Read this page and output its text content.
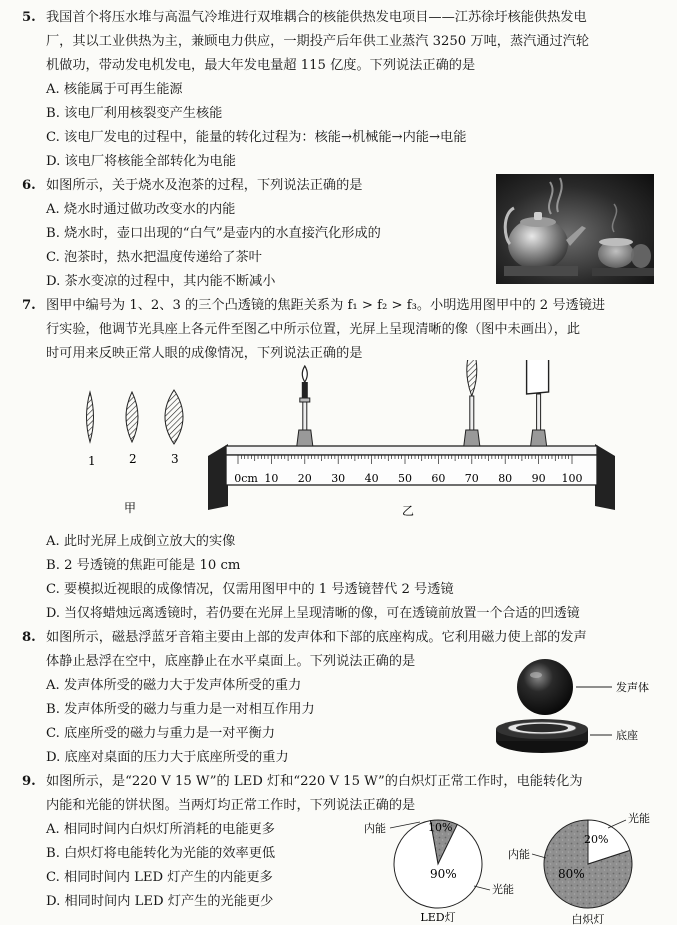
5. 我国首个将压水堆与高温气冷堆进行双堆耦合的核能供热发电项目——江苏徐圩核能供热发电
厂，其以工业供热为主，兼顾电力供应，一期投产后年供工业蒸汽 3250 万吨，蒸汽通过汽轮
机做功，带动发电机发电，最大年发电量超 115 亿度。下列说法正确的是
A. 核能属于可再生能源
B. 该电厂利用核裂变产生核能
C. 该电厂发电的过程中，能量的转化过程为：核能→机械能→内能→电能
D. 该电厂将核能全部转化为电能
6. 如图所示，关于烧水及泡茶的过程，下列说法正确的是
A. 烧水时通过做功改变水的内能
B. 烧水时，壶口出现的“白气”是壶内的水直接汽化形成的
C. 泡茶时，热水把温度传递给了茶叶
D. 茶水变凉的过程中，其内能不断减小
7. 图甲中编号为 1、2、3 的三个凸透镜的焦距关系为 f₁ > f₂ > f₃。小明选用图甲中的 2 号透镜进
行实验，他调节光具座上各元件至图乙中所示位置，光屏上呈现清晰的像（图中未画出），此
时可用来反映正常人眼的成像情况，下列说法正确的是
1	2	3
甲
0cm 10 20 30 40 50 60 70 80 90 100
乙
A. 此时光屏上成倒立放大的实像
B. 2 号透镜的焦距可能是 10 cm
C. 要模拟近视眼的成像情况，仅需用图甲中的 1 号透镜替代 2 号透镜
D. 当仅将蜡烛远离透镜时，若仍要在光屏上呈现清晰的像，可在透镜前放置一个合适的凹透镜
8. 如图所示，磁悬浮蓝牙音箱主要由上部的发声体和下部的底座构成。它利用磁力使上部的发声
体静止悬浮在空中，底座静止在水平桌面上。下列说法正确的是
A. 发声体所受的磁力大于发声体所受的重力
B. 发声体所受的磁力与重力是一对相互作用力
C. 底座所受的磁力与重力是一对平衡力
D. 底座对桌面的压力大于底座所受的重力
发声体
底座
9. 如图所示，是“220 V 15 W”的 LED 灯和“220 V 15 W”的白炽灯正常工作时，电能转化为
内能和光能的饼状图。当两灯均正常工作时，下列说法正确的是
A. 相同时间内白炽灯所消耗的电能更多
B. 白炽灯将电能转化为光能的效率更低
C. 相同时间内 LED 灯产生的内能更多
D. 相同时间内 LED 灯产生的光能更少
10%
90%
内能
光能
LED灯
20%
80%
光能
内能
白炽灯
